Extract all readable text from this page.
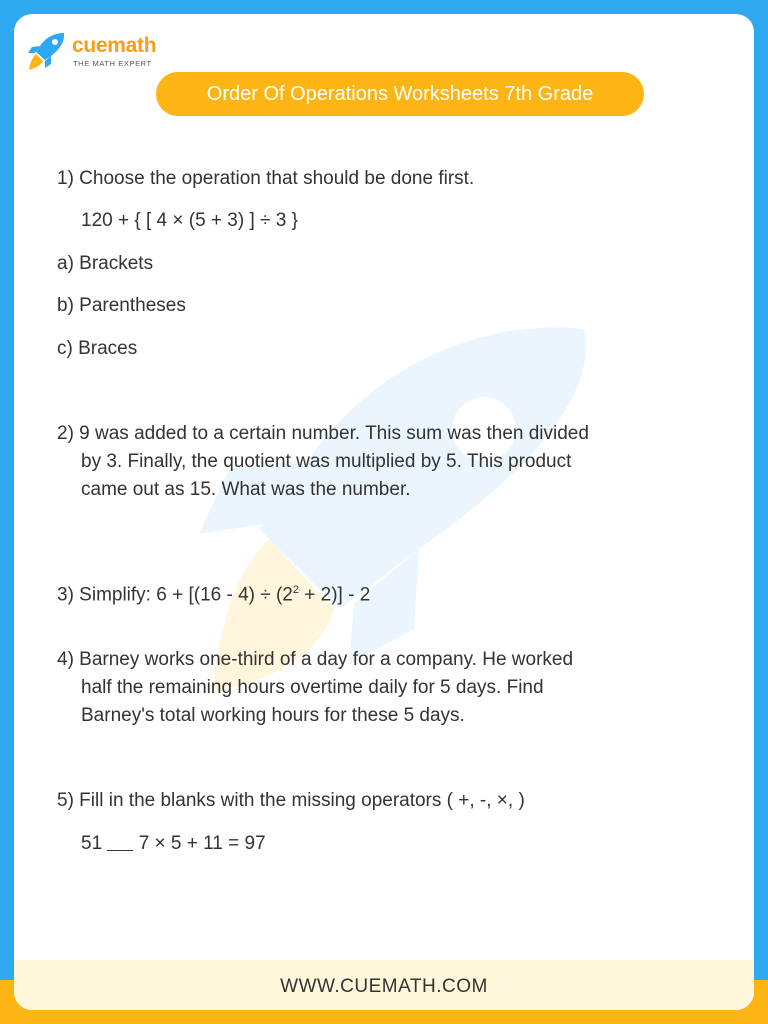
cuemath
THE MATH EXPERT
Order Of Operations Worksheets 7th Grade
1) Choose the operation that should be done first.
120 + { [ 4 × (5 + 3) ] ÷ 3 }
a) Brackets
b) Parentheses
c) Braces
2) 9 was added to a certain number. This sum was then divided
by 3. Finally, the quotient was multiplied by 5. This product
came out as 15. What was the number.
3) Simplify: $6 + [(16 - 4) \div (2^2 + 2)] - 2$
4) Barney works one-third of a day for a company. He worked
half the remaining hours overtime daily for 5 days. Find
Barney's total working hours for these 5 days.
5) Fill in the blanks with the missing operators ( +, -, ×, )
51  7 × 5 + 11 = 97
WWW.CUEMATH.COM
